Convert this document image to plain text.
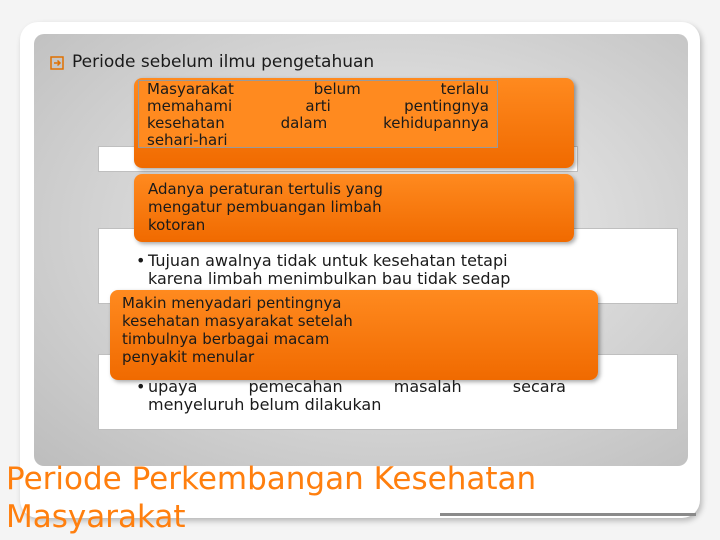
Periode sebelum ilmu pengetahuan
Masyarakat	belum	terlalu
memahami	arti	pentingnya
kesehatan	dalam	kehidupannya
sehari-hari
Adanya peraturan tertulis yang
mengatur pembuangan limbah
kotoran
• Tujuan awalnya tidak untuk kesehatan tetapi
karena limbah menimbulkan bau tidak sedap
Makin menyadari pentingnya
kesehatan masyarakat setelah
timbulnya berbagai macam
penyakit menular
• upaya	pemecahan	masalah	secara
menyeluruh belum dilakukan
Periode Perkembangan Kesehatan
Masyarakat
